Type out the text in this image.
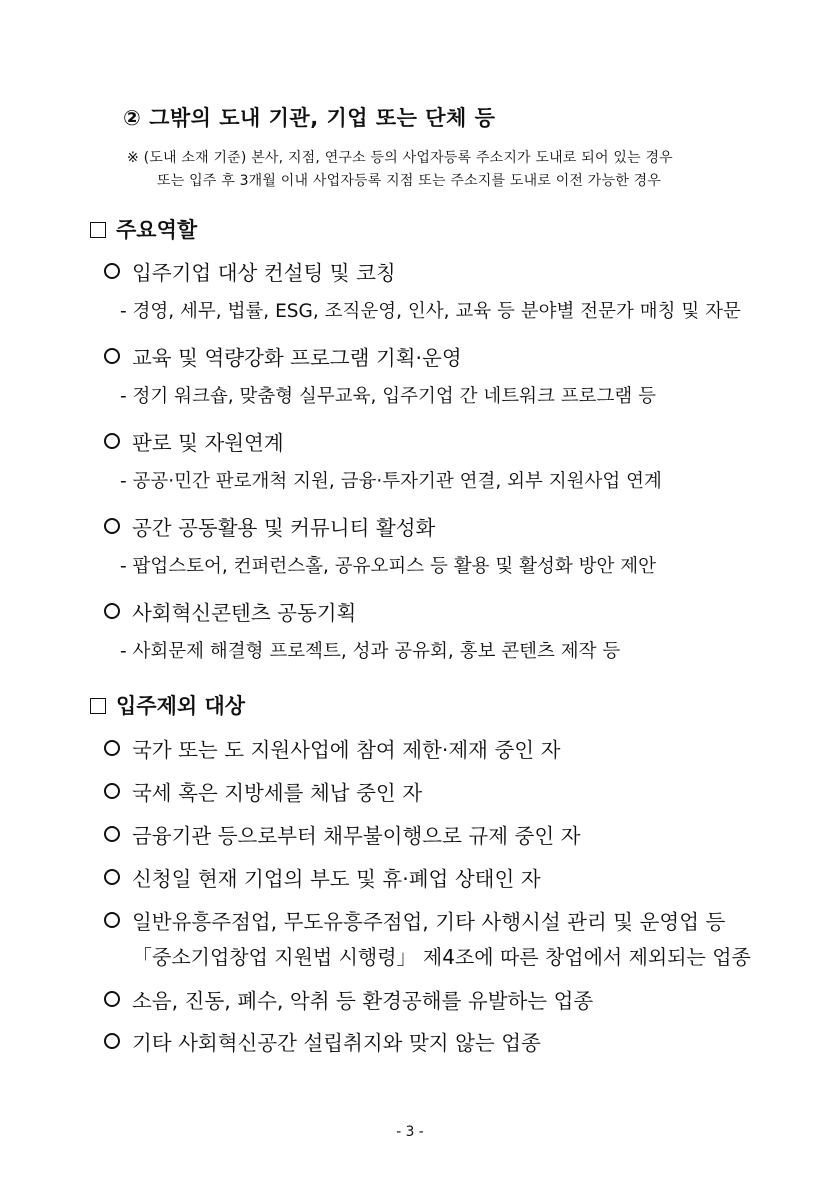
② 그밖의 도내 기관, 기업 또는 단체 등
※ (도내 소재 기준) 본사, 지점, 연구소 등의 사업자등록 주소지가 도내로 되어 있는 경우
또는 입주 후 3개월 이내 사업자등록 지점 또는 주소지를 도내로 이전 가능한 경우
주요역할
입주기업 대상 컨설팅 및 코칭
- 경영, 세무, 법률, ESG, 조직운영, 인사, 교육 등 분야별 전문가 매칭 및 자문
교육 및 역량강화 프로그램 기획·운영
- 정기 워크숍, 맞춤형 실무교육, 입주기업 간 네트워크 프로그램 등
판로 및 자원연계
- 공공·민간 판로개척 지원, 금융·투자기관 연결, 외부 지원사업 연계
공간 공동활용 및 커뮤니티 활성화
- 팝업스토어, 컨퍼런스홀, 공유오피스 등 활용 및 활성화 방안 제안
사회혁신콘텐츠 공동기획
- 사회문제 해결형 프로젝트, 성과 공유회, 홍보 콘텐츠 제작 등
입주제외 대상
국가 또는 도 지원사업에 참여 제한·제재 중인 자
국세 혹은 지방세를 체납 중인 자
금융기관 등으로부터 채무불이행으로 규제 중인 자
신청일 현재 기업의 부도 및 휴·폐업 상태인 자
일반유흥주점업, 무도유흥주점업, 기타 사행시설 관리 및 운영업 등
「중소기업창업 지원법 시행령」 제4조에 따른 창업에서 제외되는 업종
소음, 진동, 폐수, 악취 등 환경공해를 유발하는 업종
기타 사회혁신공간 설립취지와 맞지 않는 업종
- 3 -
